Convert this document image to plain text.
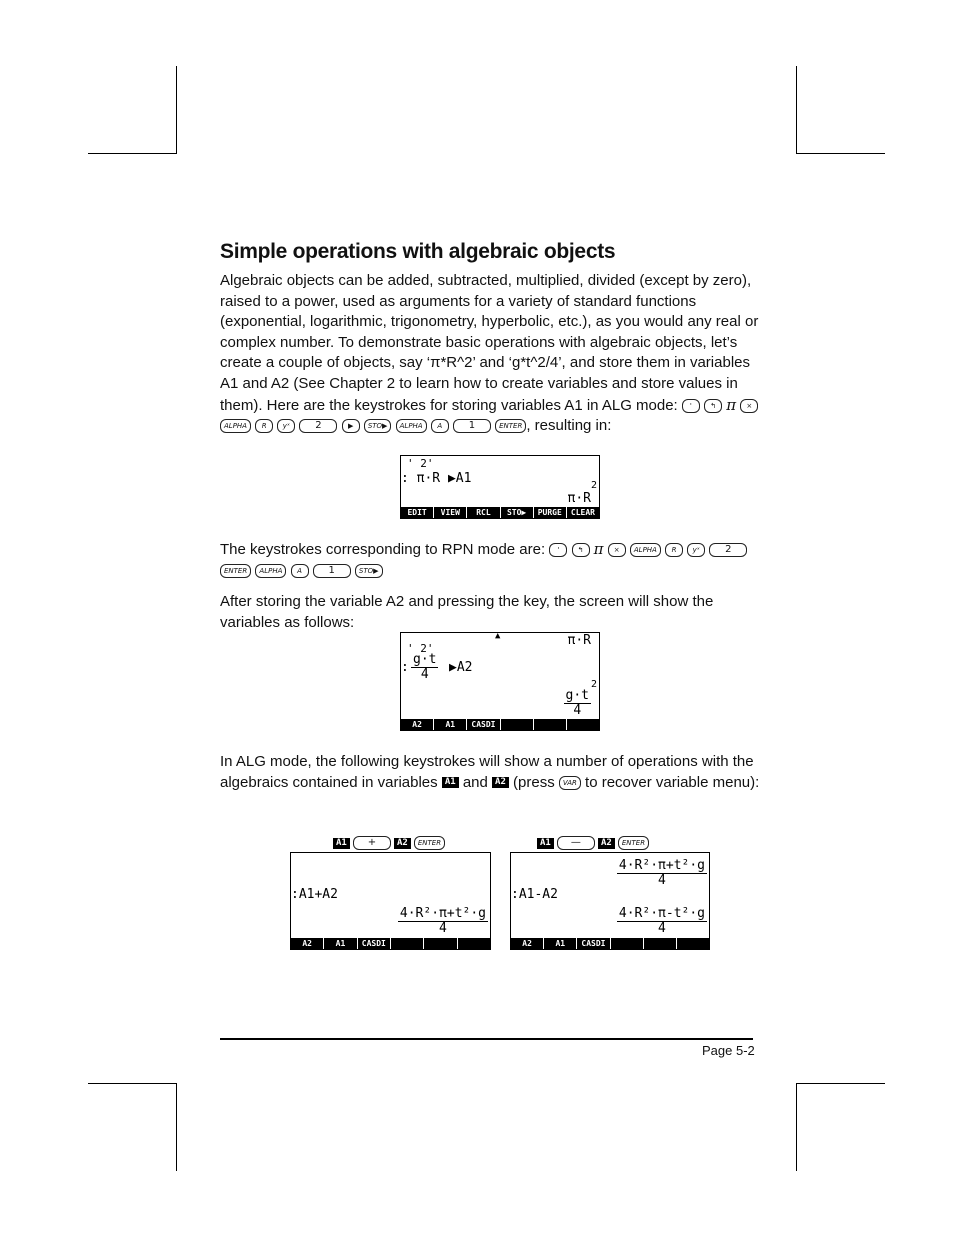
Simple operations with algebraic objects

Algebraic objects can be added, subtracted, multiplied, divided (except by zero), raised to a power, used as arguments for a variety of standard functions (exponential, logarithmic, trigonometry, hyperbolic, etc.), as you would any real or complex number. To demonstrate basic operations with algebraic objects, let’s create a couple of objects, say ‘π*R^2’ and ‘g*t^2/4’, and store them in variables A1 and A2 (See Chapter 2 to learn how to create variables and store values in them). Here are the keystrokes for storing variables A1 in ALG mode: '	↰ π × ALPHA R yˣ	2	▶ STO▶ ALPHA A	1	ENTER , resulting in:

' 2'
: π·R ▶A1	2
π·R
EDIT	VIEW	RCL	STO▶	PURGE	CLEAR

The keystrokes corresponding to RPN mode are: '	↰ π × ALPHA R yˣ	2 ENTER ALPHA A	1	STO▶

After storing the variable A2 and pressing the key, the screen will show the variables as follows:

▲	π·R
' 2'
: $\frac{g\cdot t}{4}$ ▶A2
2
$\frac{g\cdot t}{4}$
A2	A1	CASDI

In ALG mode, the following keystrokes will show a number of operations with the algebraics contained in variables A1 and A2 (press VAR to recover variable menu):

A1 + A2 ENTER
:A1+A2
$\frac{\text{4·R²·π+t²·g}}{4}$
A2	A1	CASDI
A1 — A2 ENTER
$\frac{\text{4·R²·π+t²·g}}{4}$
:A1-A2
$\frac{\text{4·R²·π-t²·g}}{4}$
A2	A1	CASDI
Page 5-2
